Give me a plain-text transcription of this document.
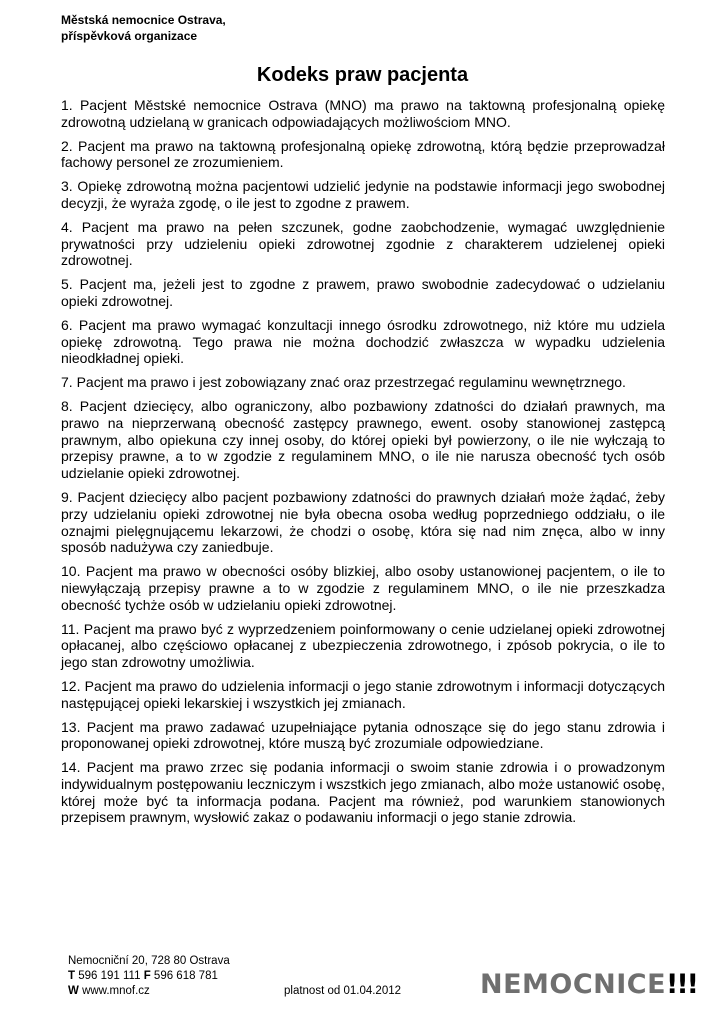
Městská nemocnice Ostrava,
příspěvková organizace
Kodeks praw pacjenta

1. Pacjent Městské nemocnice Ostrava (MNO) ma prawo na taktowną profesjonalną opiekę zdrowotną udzielaną w granicach odpowiadających możliwościom MNO.

2. Pacjent ma prawo na taktowną profesjonalną opiekę zdrowotną, którą będzie przeprowadzał fachowy personel ze zrozumieniem.

3. Opiekę zdrowotną można pacjentowi udzielić jedynie na podstawie informacji jego swobodnej decyzji, że wyraża zgodę, o ile jest to zgodne z prawem.

4. Pacjent ma prawo na pełen szczunek, godne zaobchodzenie, wymagać uwzględnienie prywatności przy udzieleniu opieki zdrowotnej zgodnie z charakterem udzielenej opieki zdrowotnej.

5. Pacjent ma, jeżeli jest to zgodne z prawem, prawo swobodnie zadecydować o udzielaniu opieki zdrowotnej.

6. Pacjent ma prawo wymagać konzultacji innego ósrodku zdrowotnego, niż które mu udziela opiekę zdrowotną. Tego prawa nie można dochodzić zwłaszcza w wypadku udzielenia nieodkładnej opieki.

7. Pacjent ma prawo i jest zobowiązany znać oraz przestrzegać regulaminu wewnętrznego.

8. Pacjent dziecięcy, albo ograniczony, albo pozbawiony zdatności do działań prawnych, ma prawo na nieprzerwaną obecność zastępcy prawnego, ewent. osoby stanowionej zastępcą prawnym, albo opiekuna czy innej osoby, do której opieki był powierzony, o ile nie wyłczają to przepisy prawne, a to w zgodzie z regulaminem MNO, o ile nie narusza obecność tych osób udzielanie opieki zdrowotnej.

9. Pacjent dziecięcy albo pacjent pozbawiony zdatności do prawnych działań może żądać, żeby przy udzielaniu opieki zdrowotnej nie była obecna osoba według poprzedniego oddziału, o ile oznajmi pielęgnującemu lekarzowi, że chodzi o osobę, która się nad nim znęca, albo w inny sposób nadużywa czy zaniedbuje.

10. Pacjent ma prawo w obecności osóby blizkiej, albo osoby ustanowionej pacjentem, o ile to niewyłączają przepisy prawne a to w zgodzie z regulaminem MNO, o ile nie przeszkadza obecność tychże osób w udzielaniu opieki zdrowotnej.

11. Pacjent ma prawo być z wyprzedzeniem poinformowany o cenie udzielanej opieki zdrowotnej opłacanej, albo częściowo opłacanej z ubezpieczenia zdrowotnego, i zpósob pokrycia, o ile to jego stan zdrowotny umożliwia.

12. Pacjent ma prawo do udzielenia informacji o jego stanie zdrowotnym i informacji dotyczących następującej opieki lekarskiej i wszystkich jej zmianach.

13. Pacjent ma prawo zadawać uzupełniające pytania odnoszące się do jego stanu zdrowia i proponowanej opieki zdrowotnej, które muszą być zrozumiale odpowiedziane.

14. Pacjent ma prawo zrzec się podania informacji o swoim stanie zdrowia i o prowadzonym indywidualnym postępowaniu leczniczym i wszstkich jego zmianach, albo może ustanowić osobę, której może być ta informacja podana. Pacjent ma również, pod warunkiem stanowionych przepisem prawnym, wysłowić zakaz o podawaniu informacji o jego stanie zdrowia.

Nemocniční 20, 728 80 Ostrava
T 596 191 111 F 596 618 781
W www.mnof.cz	platnost od 01.04.2012	NEMOCNICE!!!
